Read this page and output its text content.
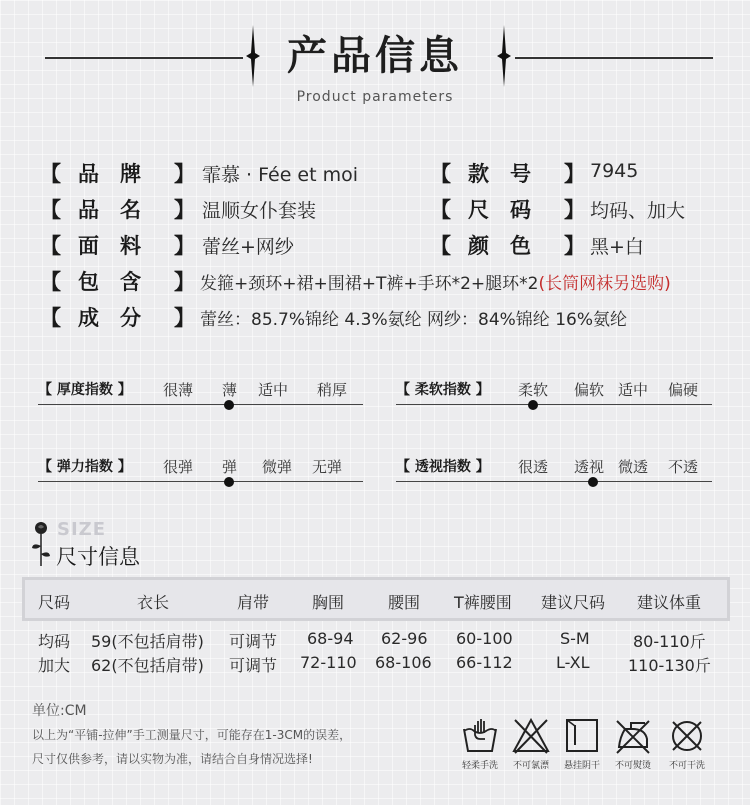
产品信息
Product parameters
【 品　牌 】 霏慕 · Fée et moi
【 品　名 】 温顺女仆套装
【 面　料 】 蕾丝+网纱
【 款　号 】 7945
【 尺　码 】 均码、加大
【 颜　色 】 黑+白
【 包　含 】 发箍+颈环+裙+围裙+T裤+手环*2+腿环*2(长筒网袜另选购)
【 成　分 】 蕾丝：85.7%锦纶 4.3%氨纶 网纱：84%锦纶 16%氨纶
【 厚度指数 】 很薄 薄 适中 稍厚	【 柔软指数 】 柔软 偏软 适中 偏硬
【 弹力指数 】 很弹 弹 微弹 无弹	【 透视指数 】 很透 透视 微透 不透
SIZE
尺寸信息
尺码	衣长	肩带	胸围	腰围 T裤腰围 建议尺码 建议体重
均码 59(不包括肩带) 可调节 68-94 62-96 60-100	S-M	80-110斤
加大 62(不包括肩带) 可调节 72-110 68-106 66-112	L-XL 110-130斤
单位:CM
以上为“平铺-拉伸”手工测量尺寸，可能存在1-3CM的误差，
尺寸仅供参考，请以实物为准，请结合自身情况选择!	轻柔手洗	不可氯漂	悬挂阴干	不可熨烫	不可干洗
